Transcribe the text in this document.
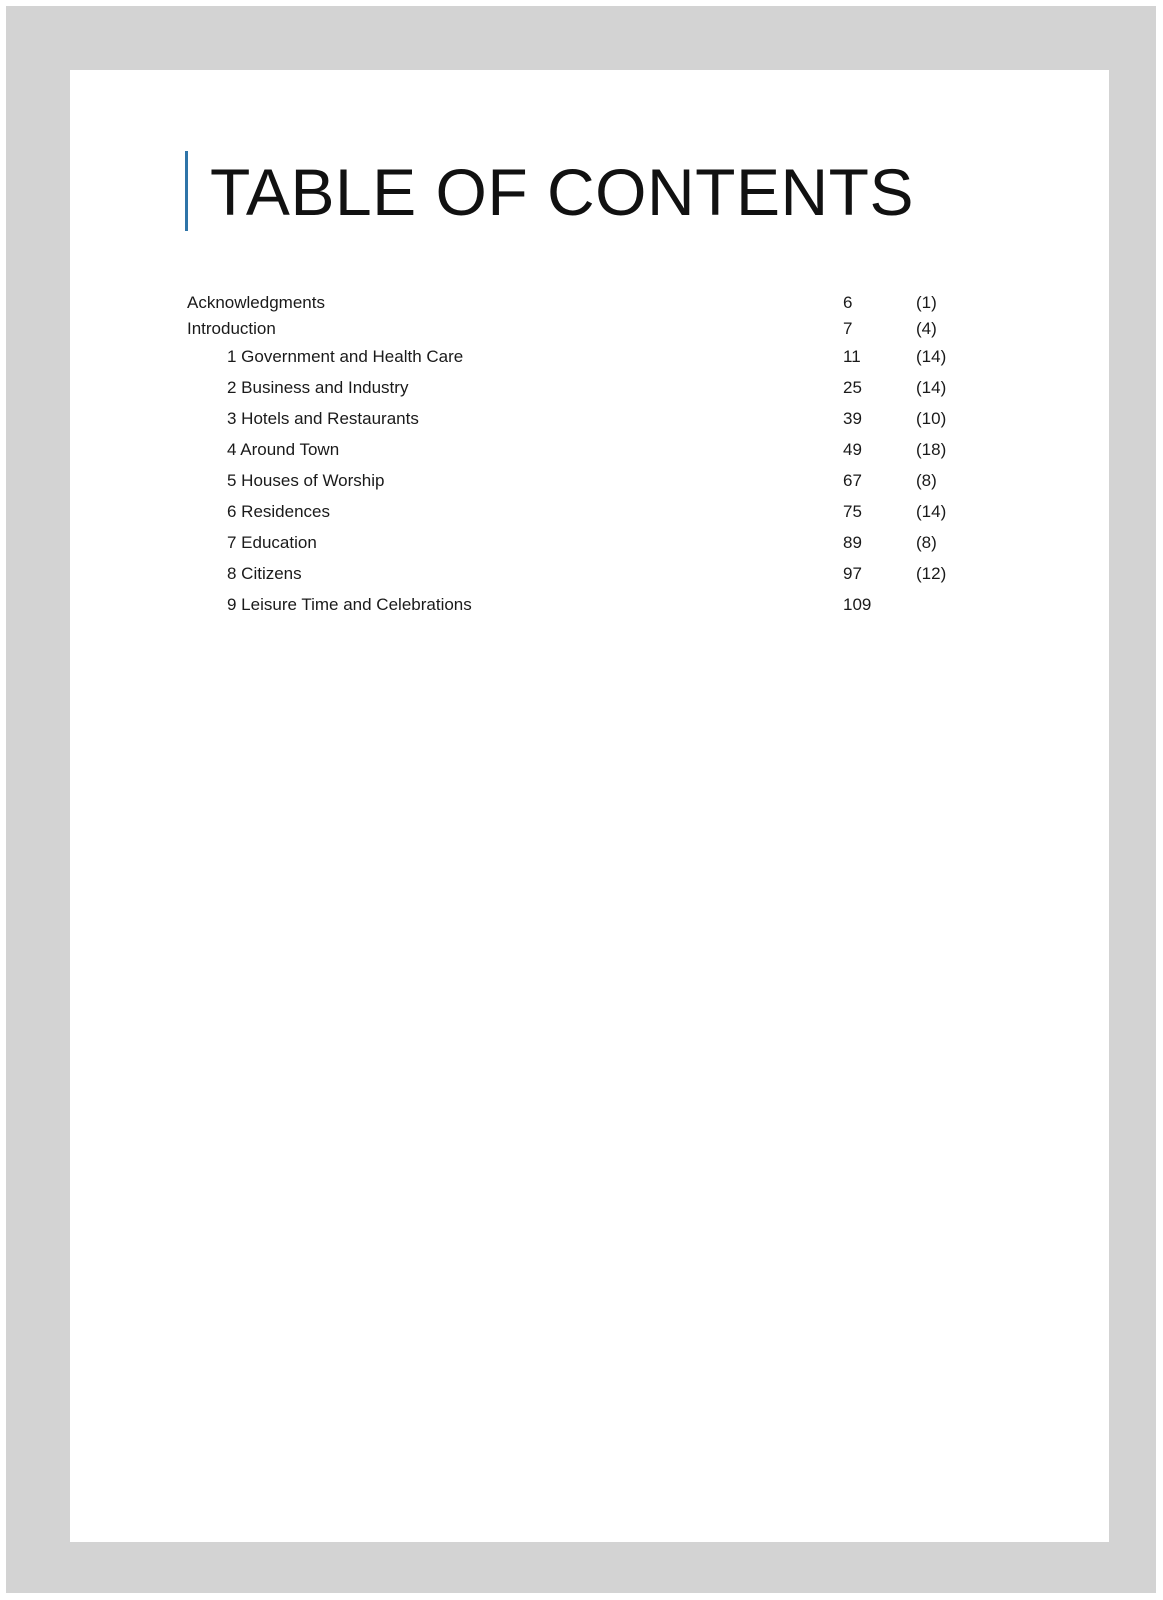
TABLE OF CONTENTS
Acknowledgments	6	(1)
Introduction	7	(4)
1 Government and Health Care	11	(14)
2 Business and Industry	25	(14)
3 Hotels and Restaurants	39	(10)
4 Around Town	49	(18)
5 Houses of Worship	67	(8)
6 Residences	75	(14)
7 Education	89	(8)
8 Citizens	97	(12)
9 Leisure Time and Celebrations	109
